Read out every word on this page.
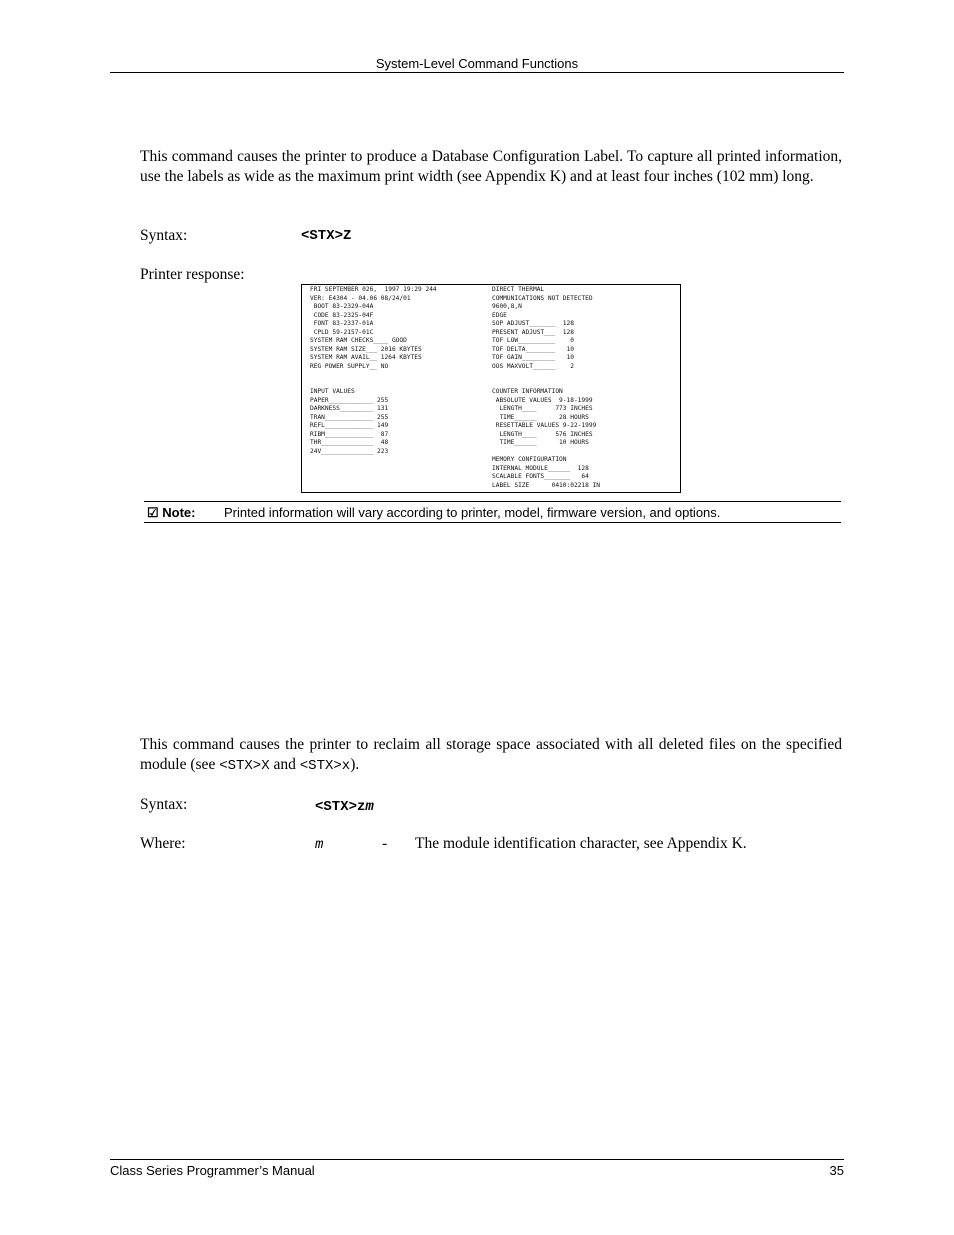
System-Level Command Functions
This command causes the printer to produce a Database Configuration Label. To capture all printed information, use the labels as wide as the maximum print width (see Appendix K) and at least four inches (102 mm) long.
Syntax:	<STX>Z
Printer response:
FRI SEPTEMBER 026,  1997 19:29 244
VER: E4304 - 04.06 08/24/01
BOOT 83-2329-04A
CODE 83-2325-04F
FONT 83-2337-01A
CPLD 59-2157-01C
SYSTEM RAM CHECKS____ GOOD
SYSTEM RAM SIZE___ 2016 KBYTES
SYSTEM RAM AVAIL__ 1264 KBYTES
REG POWER SUPPLY__ NO

INPUT VALUES
PAPER____________ 255
DARKNESS_________ 131
TRAN_____________ 255
REFL_____________ 149
RIBM_____________  87
THR______________  48
24V______________ 223
DIRECT THERMAL
COMMUNICATIONS NOT DETECTED
9600,8,N
EDGE
SOP ADJUST_______  128
PRESENT ADJUST___  128
TOF LOW__________    0
TOF DELTA________   10
TOF GAIN_________   10
OOS MAXVOLT______    2

COUNTER INFORMATION
ABSOLUTE VALUES  9-18-1999
LENGTH____     773 INCHES
TIME______      28 HOURS
RESETTABLE VALUES 9-22-1999
LENGTH____     576 INCHES
TIME______      10 HOURS

MEMORY CONFIGURATION
INTERNAL MODULE______  128
SCALABLE FONTS_______   64
LABEL SIZE      0410:02218 IN
☑ Note: Printed information will vary according to printer, model, firmware version, and options.
This command causes the printer to reclaim all storage space associated with all deleted files on the specified module (see <STX>X and <STX>x).
Syntax:	<STX>zm
Where:	m	- The module identification character, see Appendix K.
Class Series Programmer’s Manual	35
